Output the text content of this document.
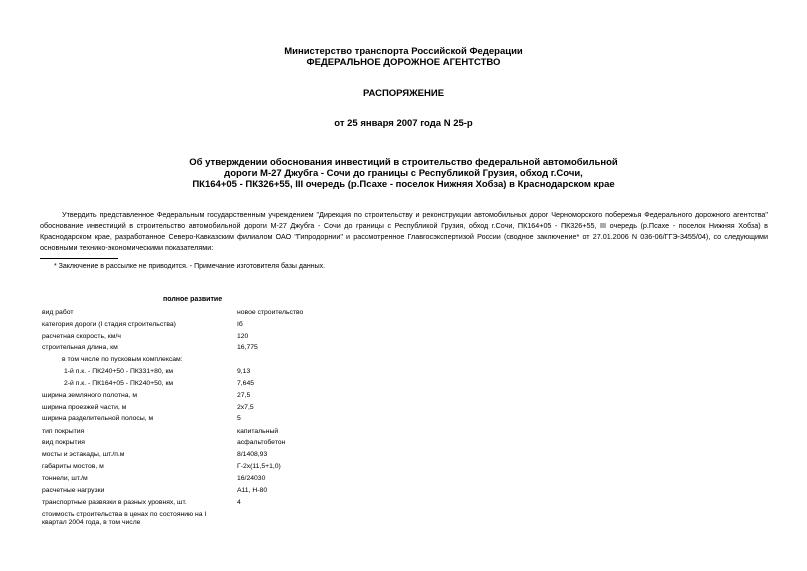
Министерство транспорта Российской Федерации
ФЕДЕРАЛЬНОЕ ДОРОЖНОЕ АГЕНТСТВО
РАСПОРЯЖЕНИЕ
от 25 января 2007 года N 25-р
Об утверждении обоснования инвестиций в строительство федеральной автомобильной
дороги М-27 Джубга - Сочи до границы с Республикой Грузия, обход г.Сочи,
ПК164+05 - ПК326+55, III очередь (р.Псахе - поселок Нижняя Хобза) в Краснодарском крае
Утвердить представленное Федеральным государственным учреждением "Дирекция по строительству и реконструкции автомобильных дорог Черноморского побережья Федерального дорожного агентства" обоснование инвестиций в строительство автомобильной дороги М-27 Джубга - Сочи до границы с Республикой Грузия, обход г.Сочи, ПК164+05 - ПК326+55, III очередь (р.Псахе - поселок Нижняя Хобза) в Краснодарском крае, разработанное Северо-Кавказским филиалом ОАО "Гипродорнии" и рассмотренное Главгосэкспертизой России (сводное заключение* от 27.01.2006 N 036-06/ГГЭ-3455/04), со следующими основными технико-экономическими показателями:
* Заключение в рассылке не приводится. - Примечание изготовителя базы данных.
полное развитие
вид работ	новое строительство
категория дороги (I стадия строительства)	Iб
расчетная скорость, км/ч	120
строительная длина, км	16,775
в том числе по пусковым комплексам:
1-й п.к. - ПК240+50 - ПК331+80, км	9,13
2-й п.к. - ПК164+05 - ПК240+50, км	7,645
ширина земляного полотна, м	27,5
ширина проезжей части, м	2х7,5
ширина разделительной полосы, м	5
тип покрытия	капитальный
вид покрытия	асфальтобетон
мосты и эстакады, шт./п.м	8/1408,93
габариты мостов, м	Г-2х(11,5+1,0)
тоннели, шт./м	16/24030
расчетные нагрузки	А11, Н-80
транспортные развязки в разных уровнях, шт.	4
стоимость строительства в ценах по состоянию на I квартал 2004 года, в том числе
